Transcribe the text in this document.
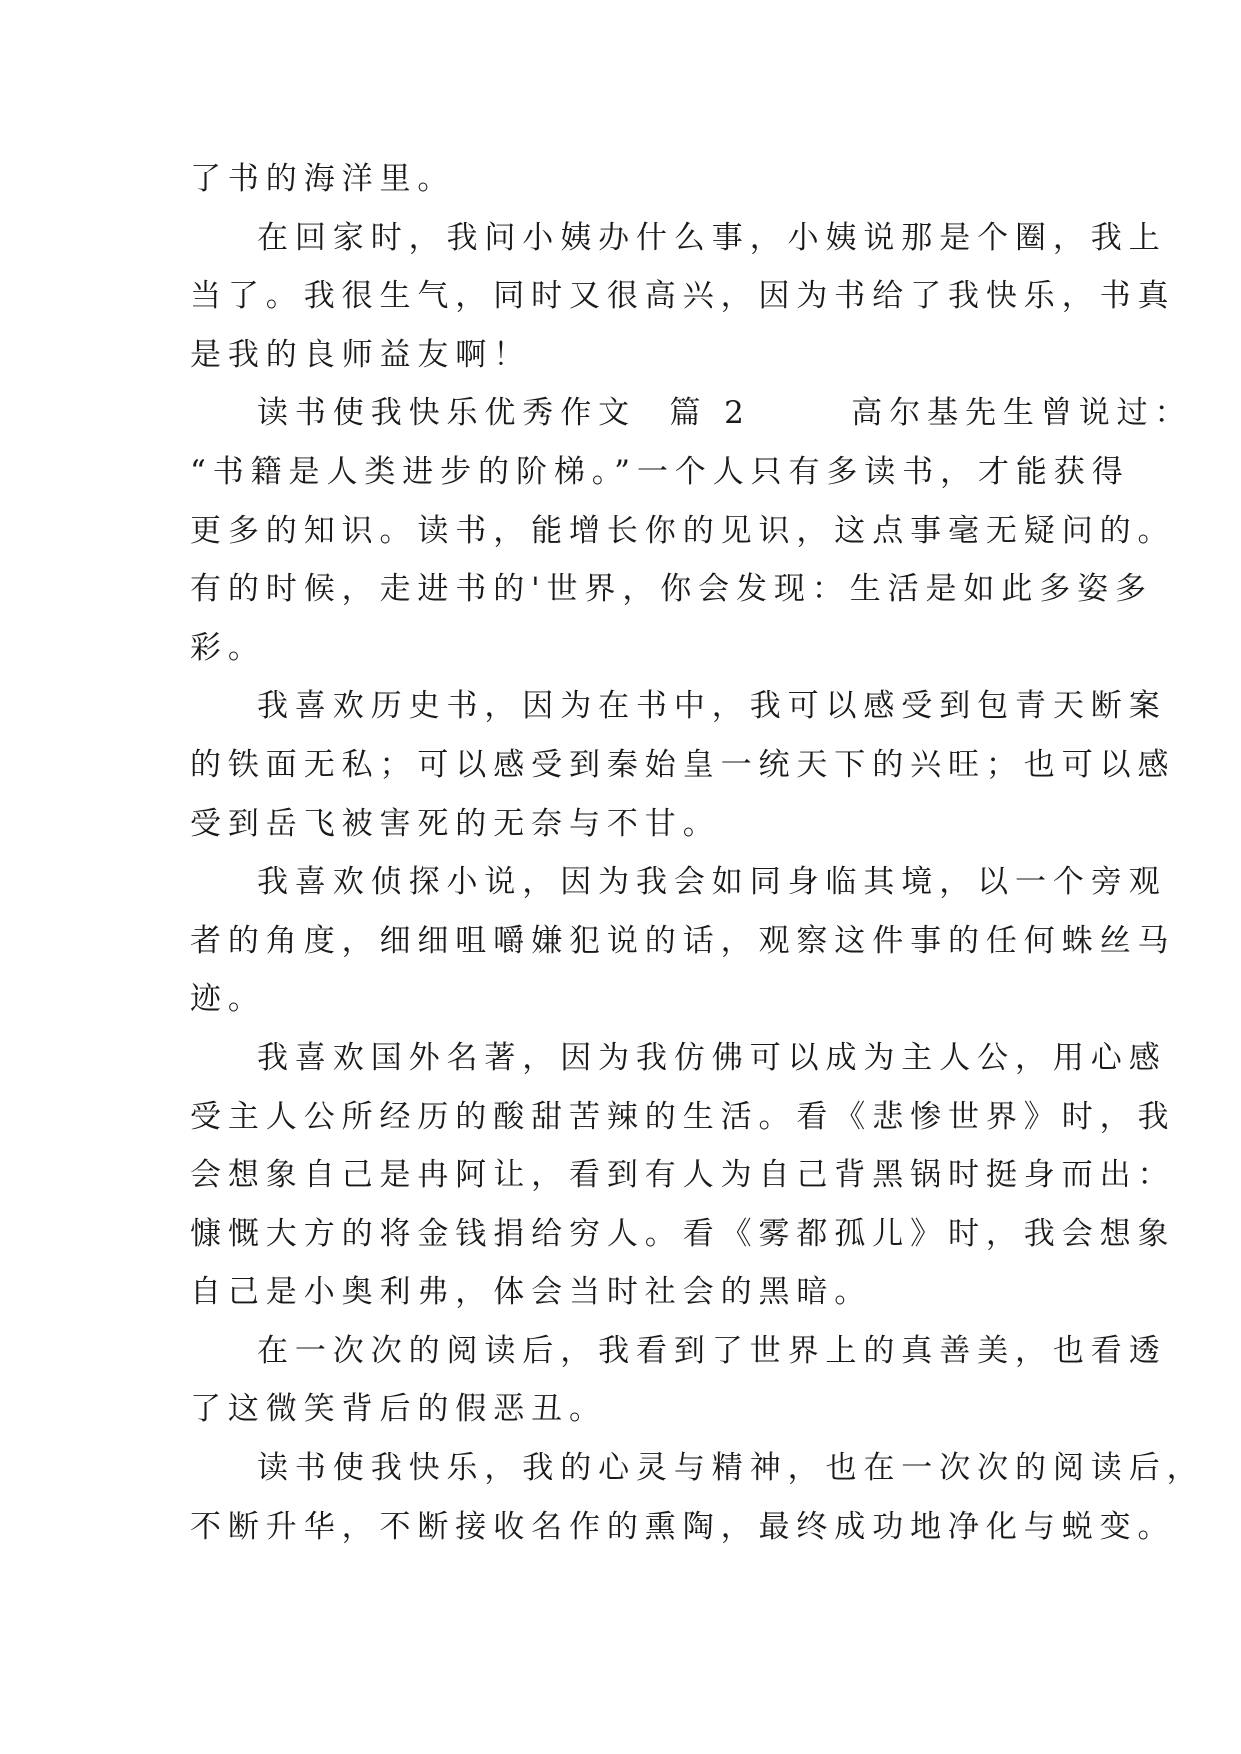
了书的海洋里。
在回家时，我问小姨办什么事，小姨说那是个圈，我上
当了。我很生气，同时又很高兴，因为书给了我快乐，书真
是我的良师益友啊！
读书使我快乐优秀作文  篇 2      高尔基先生曾说过：
“书籍是人类进步的阶梯。”一个人只有多读书，才能获得
更多的知识。读书，能增长你的见识，这点事毫无疑问的。
有的时候，走进书的'世界，你会发现：生活是如此多姿多
彩。
我喜欢历史书，因为在书中，我可以感受到包青天断案
的铁面无私；可以感受到秦始皇一统天下的兴旺；也可以感
受到岳飞被害死的无奈与不甘。
我喜欢侦探小说，因为我会如同身临其境，以一个旁观
者的角度，细细咀嚼嫌犯说的话，观察这件事的任何蛛丝马
迹。
我喜欢国外名著，因为我仿佛可以成为主人公，用心感
受主人公所经历的酸甜苦辣的生活。看《悲惨世界》时，我
会想象自己是冉阿让，看到有人为自己背黑锅时挺身而出：
慷慨大方的将金钱捐给穷人。看《雾都孤儿》时，我会想象
自己是小奥利弗，体会当时社会的黑暗。
在一次次的阅读后，我看到了世界上的真善美，也看透
了这微笑背后的假恶丑。
读书使我快乐，我的心灵与精神，也在一次次的阅读后，
不断升华，不断接收名作的熏陶，最终成功地净化与蜕变。
